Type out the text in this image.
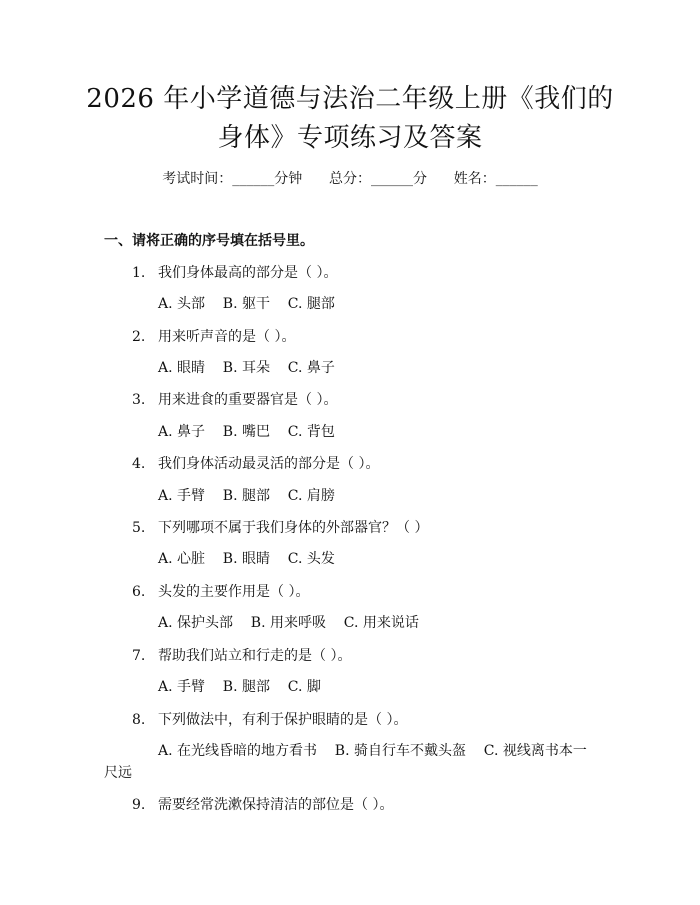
2026 年小学道德与法治二年级上册《我们的
身体》专项练习及答案
考试时间：______分钟      总分：______分      姓名：______
一、请将正确的序号填在括号里。
1. 我们身体最高的部分是（ ）。
A. 头部    B. 躯干    C. 腿部
2. 用来听声音的是（ ）。
A. 眼睛    B. 耳朵    C. 鼻子
3. 用来进食的重要器官是（ ）。
A. 鼻子    B. 嘴巴    C. 背包
4. 我们身体活动最灵活的部分是（ ）。
A. 手臂    B. 腿部    C. 肩膀
5. 下列哪项不属于我们身体的外部器官？（ ）
A. 心脏    B. 眼睛    C. 头发
6. 头发的主要作用是（ ）。
A. 保护头部    B. 用来呼吸    C. 用来说话
7. 帮助我们站立和行走的是（ ）。
A. 手臂    B. 腿部    C. 脚
8. 下列做法中，有利于保护眼睛的是（ ）。
A. 在光线昏暗的地方看书    B. 骑自行车不戴头盔    C. 视线离书本一
尺远
9. 需要经常洗漱保持清洁的部位是（ ）。
